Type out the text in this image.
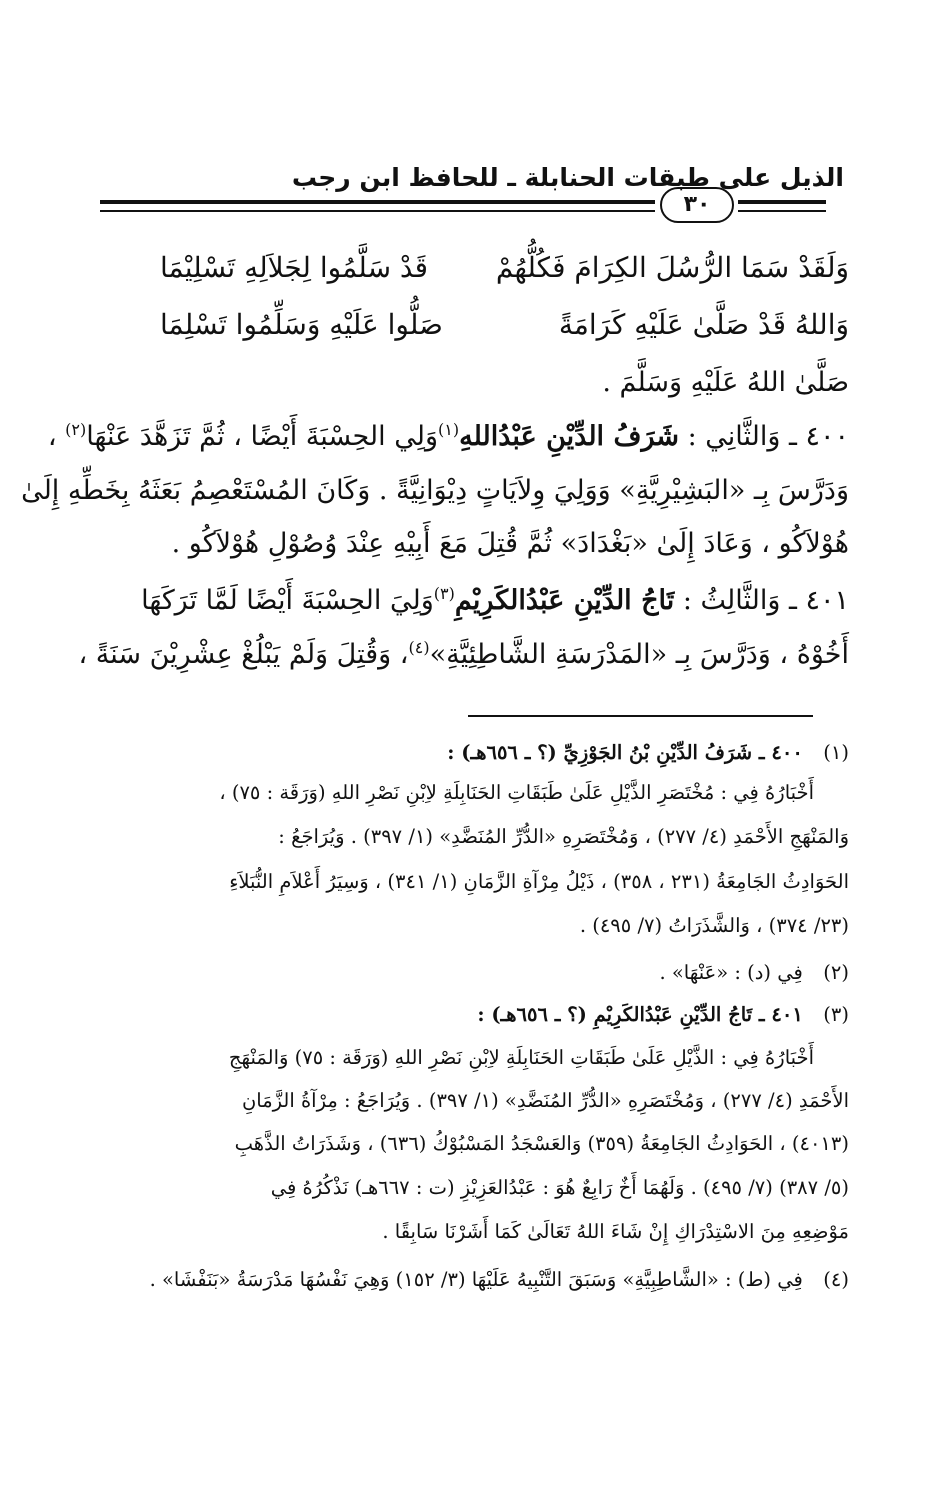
الذيل على طبقات الحنابلة ـ للحافظ ابن رجب
٣٠
وَلَقَدْ سَمَا الرُّسُلَ الكِرَامَ فَكُلُّهُمْ
قَدْ سَلَّمُوا لِجَلاَلِهِ تَسْلِيْمَا
وَاللهُ قَدْ صَلَّىٰ عَلَيْهِ كَرَامَةً
صَلُّوا عَلَيْهِ وَسَلِّمُوا تَسْلِمَا
صَلَّىٰ اللهُ عَلَيْهِ وَسَلَّمَ .
٤٠٠ ـ وَالثَّانِي : شَرَفُ الدِّيْنِ عَبْدُاللهِ$^{(١)}$وَلِي الحِسْبَةَ أَيْضًا ، ثُمَّ تَزَهَّدَ عَنْهَا$^{(٢)}$ ،
وَدَرَّسَ بِـ «البَشِيْرِيَّةِ» وَوَلِيَ وِلاَيَاتٍ دِيْوَانِيَّةً . وَكَانَ المُسْتَعْصِمُ بَعَثَهُ بِخَطِّهِ إِلَىٰ
هُوْلاَكُو ، وَعَادَ إِلَىٰ «بَغْدَادَ» ثُمَّ قُتِلَ مَعَ أَبِيْهِ عِنْدَ وُصُوْلِ هُوْلاَكُو .
٤٠١ ـ وَالثَّالِثُ : تَاجُ الدِّيْنِ عَبْدُالكَرِيْمِ$^{(٣)}$وَلِيَ الحِسْبَةَ أَيْضًا لَمَّا تَرَكَهَا
أَخُوْهُ ، وَدَرَّسَ بِـ «المَدْرَسَةِ الشَّاطِئِيَّةِ»$^{(٤)}$، وَقُتِلَ وَلَمْ يَبْلُغْ عِشْرِيْنَ سَنَةً ،
(١) ٤٠٠ ـ شَرَفُ الدِّيْنِ بْنُ الجَوْزِيِّ (؟ ـ ٦٥٦هـ) :
أَخْبَارُهُ فِي : مُخْتَصَرِ الذَّيْلِ عَلَىٰ طَبَقَاتِ الحَنَابِلَةِ لاِبْنِ نَصْرِ اللهِ (وَرَقَة : ٧٥) ،
وَالمَنْهَجِ الأَحْمَدِ (٤/ ٢٧٧) ، وَمُخْتَصَرِهِ «الدُّرِّ المُنَضَّدِ» (١/ ٣٩٧) . وَيُرَاجَعُ :
الحَوَادِثُ الجَامِعَةُ (٢٣١ ، ٣٥٨) ، ذَيْلُ مِرْآةِ الزَّمَانِ (١/ ٣٤١) ، وَسِيَرُ أَعْلاَمِ النُّبَلاَءِ
(٢٣/ ٣٧٤) ، وَالشَّذَرَاتُ (٧/ ٤٩٥) .
(٢) فِي (د) : «عَنْهَا» .
(٣) ٤٠١ ـ تَاجُ الدِّيْنِ عَبْدُالكَرِيْمِ (؟ ـ ٦٥٦هـ) :
أَخْبَارُهُ فِي : الذَّيْلِ عَلَىٰ طَبَقَاتِ الحَنَابِلَةِ لاِبْنِ نَصْرِ اللهِ (وَرَقَة : ٧٥) وَالمَنْهَجِ
الأَحْمَدِ (٤/ ٢٧٧) ، وَمُخْتَصَرِهِ «الدُّرِّ المُنَضَّدِ» (١/ ٣٩٧) . وَيُرَاجَعُ : مِرْآةُ الزَّمَانِ
(٤٠١٣) ، الحَوَادِثُ الجَامِعَةُ (٣٥٩) وَالعَسْجَدُ المَسْبُوْكُ (٦٣٦) ، وَشَذَرَاتُ الذَّهَبِ
(٥/ ٣٨٧) (٧/ ٤٩٥) . وَلَهُمَا أَخٌ رَابِعٌ هُوَ : عَبْدُالعَزِيْزِ (ت : ٦٦٧هـ) نَذْكُرُهُ فِي
مَوْضِعِهِ مِنَ الاسْتِدْرَاكِ إِنْ شَاءَ اللهُ تَعَالَىٰ كَمَا أَشَرْنَا سَابِقًا .
(٤) فِي (ط) : «الشَّاطِبِيَّةِ» وَسَبَقَ التَّنْبِيهُ عَلَيْهَا (٣/ ١٥٢) وَهِيَ نَفْسُهَا مَدْرَسَةُ «بَنَفْشَا» .
